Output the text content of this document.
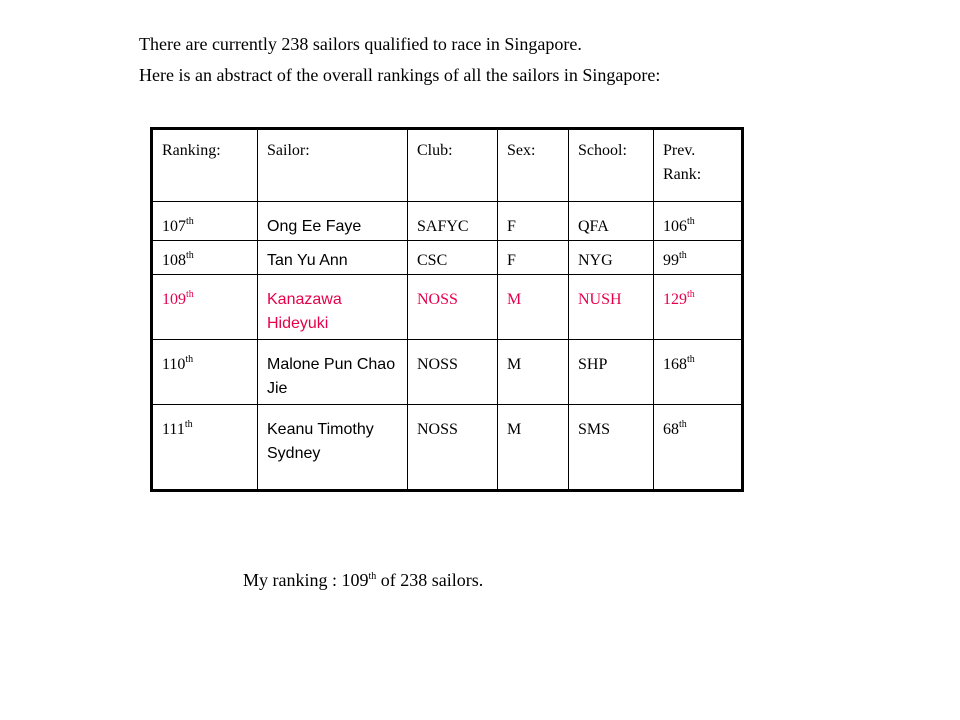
There are currently 238 sailors qualified to race in Singapore.
Here is an abstract of the overall rankings of all the sailors in Singapore:
Ranking:	Sailor:	Club:	Sex:	School:	Prev.
Rank:

107th	Ong Ee Faye	SAFYC	F	QFA	106th
108th	Tan Yu Ann	CSC	F	NYG	99th
109th	Kanazawa Hideyuki	NOSS	M	NUSH	129th
110th	Malone Pun Chao Jie	NOSS	M	SHP	168th
111th	Keanu Timothy Sydney	NOSS	M	SMS	68th
My ranking : 109th of 238 sailors.
